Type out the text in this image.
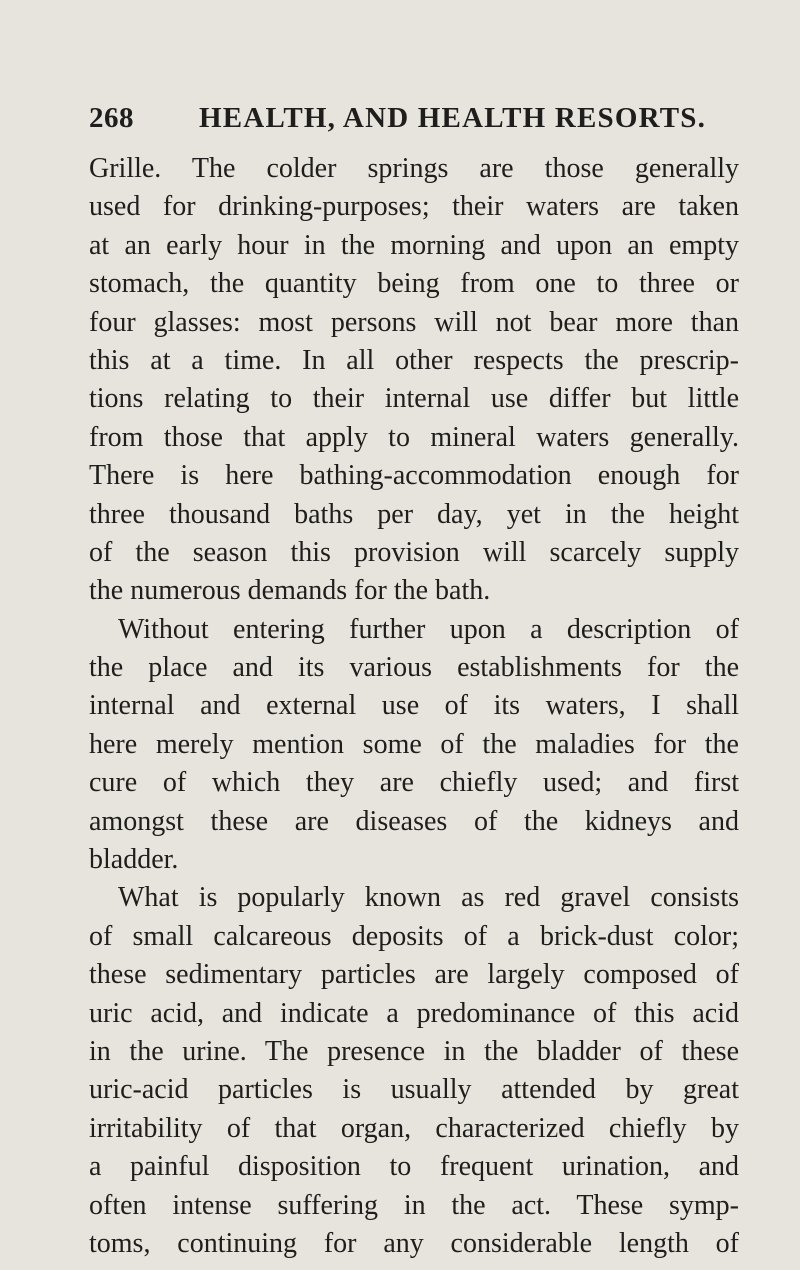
268	HEALTH, AND HEALTH RESORTS.
Grille. The colder springs are those generally
used for drinking-purposes; their waters are taken
at an early hour in the morning and upon an empty
stomach, the quantity being from one to three or
four glasses: most persons will not bear more than
this at a time. In all other respects the prescrip-
tions relating to their internal use differ but little
from those that apply to mineral waters generally.
There is here bathing-accommodation enough for
three thousand baths per day, yet in the height
of the season this provision will scarcely supply
the numerous demands for the bath.
Without entering further upon a description of
the place and its various establishments for the
internal and external use of its waters, I shall
here merely mention some of the maladies for the
cure of which they are chiefly used; and first
amongst these are diseases of the kidneys and
bladder.
What is popularly known as red gravel consists
of small calcareous deposits of a brick-dust color;
these sedimentary particles are largely composed of
uric acid, and indicate a predominance of this acid
in the urine. The presence in the bladder of these
uric-acid particles is usually attended by great
irritability of that organ, characterized chiefly by
a painful disposition to frequent urination, and
often intense suffering in the act. These symp-
toms, continuing for any considerable length of
